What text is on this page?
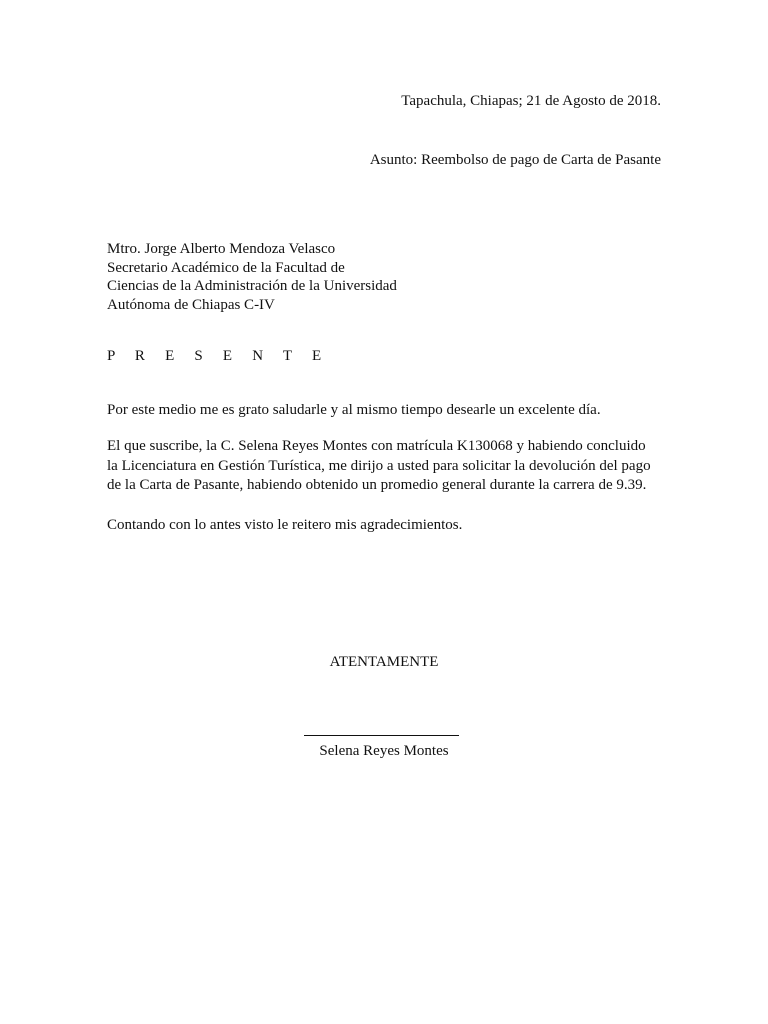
Tapachula, Chiapas; 21 de Agosto de 2018.
Asunto: Reembolso de pago de Carta de Pasante
Mtro. Jorge Alberto Mendoza Velasco
Secretario Académico de la Facultad de
Ciencias de la Administración de la Universidad
Autónoma de Chiapas C-IV
P R E S E N T E
Por este medio me es grato saludarle y al mismo tiempo desearle un excelente día.
El que suscribe, la C. Selena Reyes Montes con matrícula K130068 y habiendo concluido
la Licenciatura en Gestión Turística, me dirijo a usted para solicitar la devolución del pago
de la Carta de Pasante, habiendo obtenido un promedio general durante la carrera de 9.39.
Contando con lo antes visto le reitero mis agradecimientos.
ATENTAMENTE
Selena Reyes Montes
